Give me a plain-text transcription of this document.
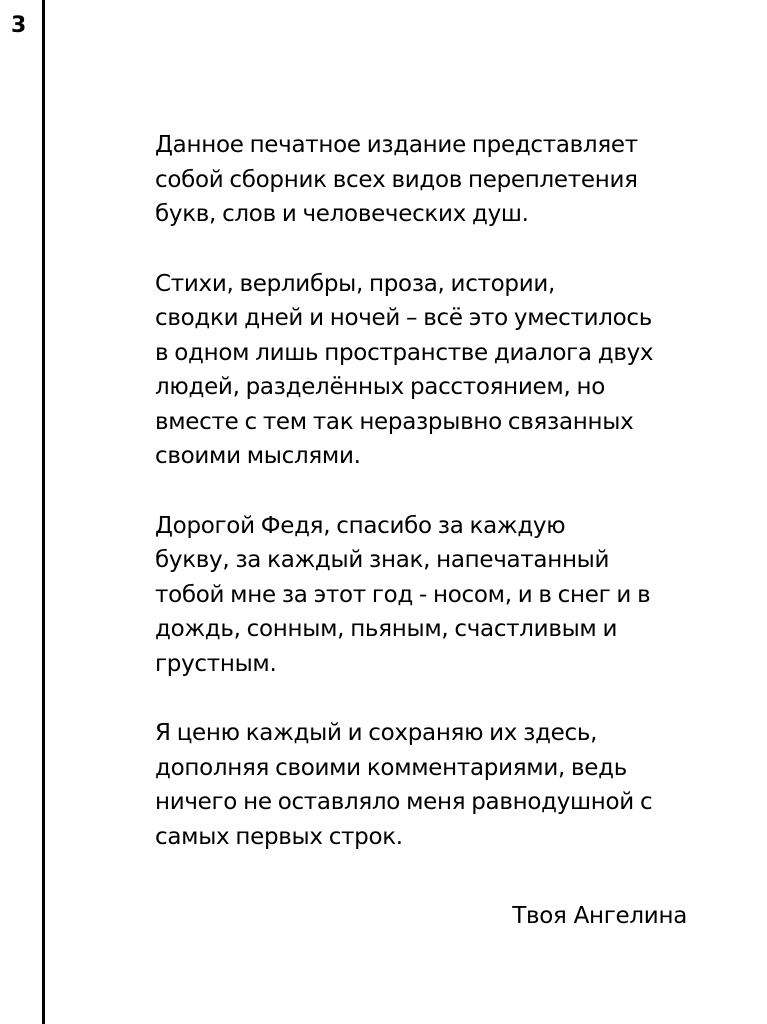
3

Данное печатное издание представляет
собой сборник всех видов переплетения
букв, слов и человеческих душ.

Стихи, верлибры, проза, истории,
сводки дней и ночей – всё это уместилось
в одном лишь пространстве диалога двух
людей, разделённых расстоянием, но
вместе с тем так неразрывно связанных
своими мыслями.

Дорогой Федя, спасибо за каждую
букву, за каждый знак, напечатанный
тобой мне за этот год - носом, и в снег и в
дождь, сонным, пьяным, счастливым и
грустным.

Я ценю каждый и сохраняю их здесь,
дополняя своими комментариями, ведь
ничего не оставляло меня равнодушной с
самых первых строк.

Твоя Ангелина
